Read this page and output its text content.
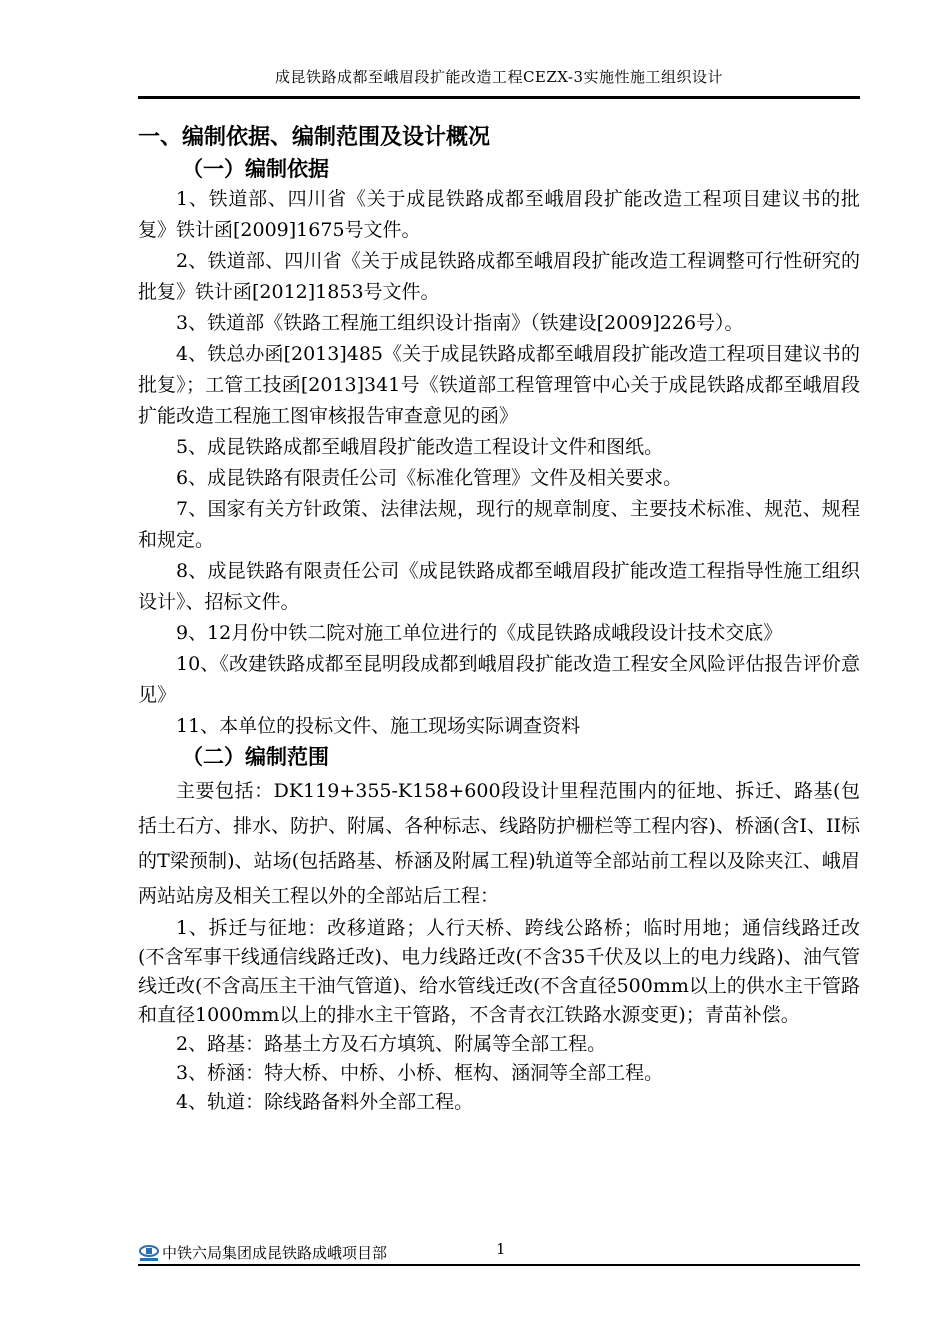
成昆铁路成都至峨眉段扩能改造工程CEZX-3实施性施工组织设计
一、编制依据、编制范围及设计概况
（一）编制依据
1、铁道部、四川省《关于成昆铁路成都至峨眉段扩能改造工程项目建议书的批复》铁计函[2009]1675号文件。
2、铁道部、四川省《关于成昆铁路成都至峨眉段扩能改造工程调整可行性研究的批复》铁计函[2012]1853号文件。
3、铁道部《铁路工程施工组织设计指南》（铁建设[2009]226号）。
4、铁总办函[2013]485《关于成昆铁路成都至峨眉段扩能改造工程项目建议书的批复》；工管工技函[2013]341号《铁道部工程管理管中心关于成昆铁路成都至峨眉段扩能改造工程施工图审核报告审查意见的函》
5、成昆铁路成都至峨眉段扩能改造工程设计文件和图纸。
6、成昆铁路有限责任公司《标准化管理》文件及相关要求。
7、国家有关方针政策、法律法规，现行的规章制度、主要技术标准、规范、规程和规定。
8、成昆铁路有限责任公司《成昆铁路成都至峨眉段扩能改造工程指导性施工组织设计》、招标文件。
9、12月份中铁二院对施工单位进行的《成昆铁路成峨段设计技术交底》
10、《改建铁路成都至昆明段成都到峨眉段扩能改造工程安全风险评估报告评价意见》
11、本单位的投标文件、施工现场实际调查资料
（二）编制范围
主要包括：DK119+355-K158+600段设计里程范围内的征地、拆迁、路基(包括土石方、排水、防护、附属、各种标志、线路防护栅栏等工程内容)、桥涵(含I、II标的T梁预制)、站场(包括路基、桥涵及附属工程)轨道等全部站前工程以及除夹江、峨眉两站站房及相关工程以外的全部站后工程：
1、拆迁与征地：改移道路；人行天桥、跨线公路桥；临时用地；通信线路迁改(不含军事干线通信线路迁改)、电力线路迁改(不含35千伏及以上的电力线路)、油气管线迁改(不含高压主干油气管道)、给水管线迁改(不含直径500mm以上的供水主干管路和直径1000mm以上的排水主干管路，不含青衣江铁路水源变更)；青苗补偿。
2、路基：路基土方及石方填筑、附属等全部工程。
3、桥涵：特大桥、中桥、小桥、框构、涵洞等全部工程。
4、轨道：除线路备料外全部工程。
中铁六局集团成昆铁路成峨项目部	1
